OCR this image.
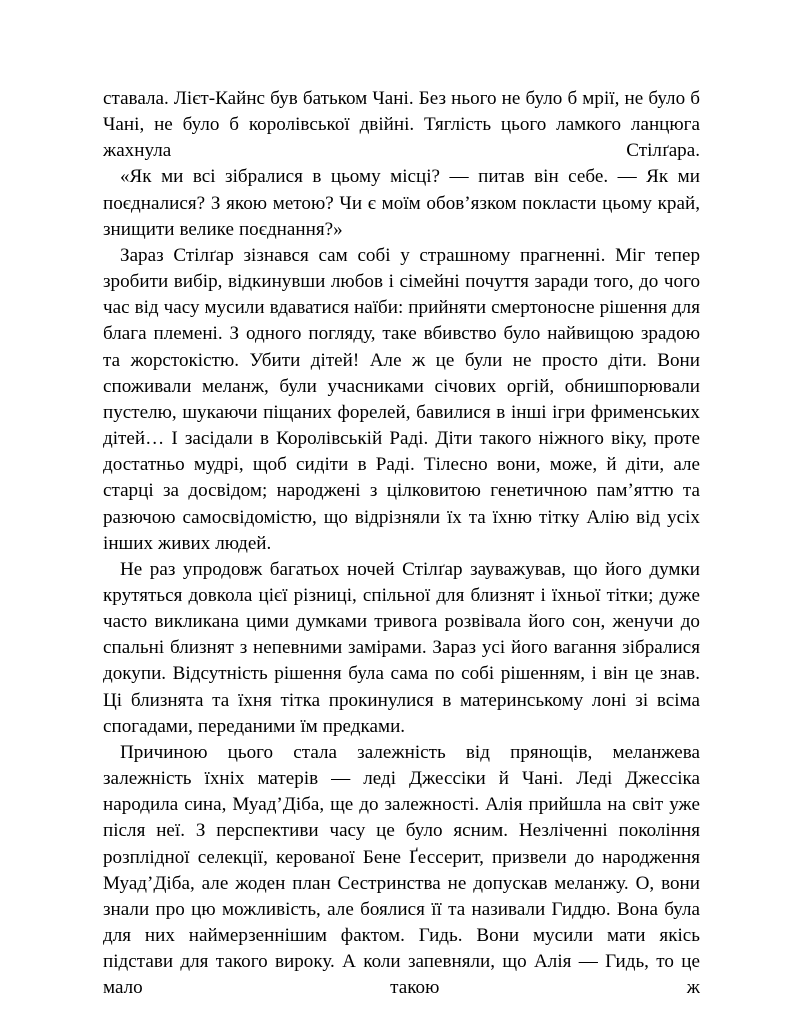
ставала. Лієт-Кайнс був батьком Чані. Без нього не було б мрії, не було б Чані, не було б королівської двійні. Тяглість цього ламкого ланцюга жахнула Стілґара.

«Як ми всі зібралися в цьому місці? — питав він себе. — Як ми поєдналися? З якою метою? Чи є моїм обов’язком покласти цьому край, знищити велике поєднання?»

Зараз Стілґар зізнався сам собі у страшному прагненні. Міг тепер зробити вибір, відкинувши любов і сімейні почуття заради того, до чого час від часу мусили вдаватися наїби: прийняти смертоносне рішення для блага племені. З одного погляду, таке вбивство було найвищою зрадою та жорстокістю. Убити дітей! Але ж це були не просто діти. Вони споживали меланж, були учасниками січових оргій, обнишпорювали пустелю, шукаючи піщаних форелей, бавилися в інші ігри фрименських дітей… І засідали в Королівській Раді. Діти такого ніжного віку, проте достатньо мудрі, щоб сидіти в Раді. Тілесно вони, може, й діти, але старці за досвідом; народжені з цілковитою генетичною пам’яттю та разючою самосвідомістю, що відрізняли їх та їхню тітку Алію від усіх інших живих людей.

Не раз упродовж багатьох ночей Стілґар зауважував, що його думки крутяться довкола цієї різниці, спільної для близнят і їхньої тітки; дуже часто викликана цими думками тривога розвівала його сон, женучи до спальні близнят з непевними замірами. Зараз усі його вагання зібралися докупи. Відсутність рішення була сама по собі рішенням, і він це знав. Ці близнята та їхня тітка прокинулися в материнському лоні зі всіма спогадами, переданими їм предками.

Причиною цього стала залежність від прянощів, меланжева залежність їхніх матерів — леді Джессіки й Чані. Леді Джессіка народила сина, Муад’Діба, ще до залежності. Алія прийшла на світ уже після неї. З перспективи часу це було ясним. Незліченні покоління розплідної селекції, керованої Бене Ґессерит, призвели до народження Муад’Діба, але жоден план Сестринства не допускав меланжу. О, вони знали про цю можливість, але боялися її та називали Гиддю. Вона була для них наймерзеннішим фактом. Гидь. Вони мусили мати якісь підстави для такого вироку. А коли запевняли, що Алія — Гидь, то це мало такою ж
